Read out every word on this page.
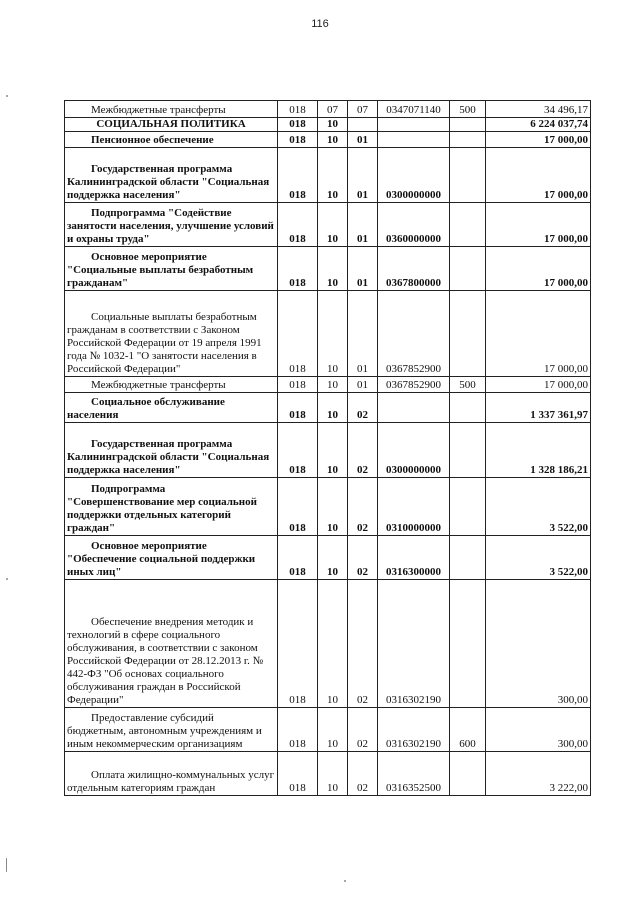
116
Межбюджетные трансферты	018	07	07	0347071140	500	34 496,17
СОЦИАЛЬНАЯ ПОЛИТИКА	018	10				6 224 037,74
Пенсионное обеспечение	018	10	01			17 000,00
Государственная программа Калининградской области "Социальная поддержка населения"	018	10	01	0300000000		17 000,00
Подпрограмма "Содействие занятости населения, улучшение условий и охраны труда"	018	10	01	0360000000		17 000,00
Основное мероприятие "Социальные выплаты безработным гражданам"	018	10	01	0367800000		17 000,00
Социальные выплаты безработным гражданам в соответствии с Законом Российской Федерации от 19 апреля 1991 года № 1032-1 "О занятости населения в Российской Федерации"	018	10	01	0367852900		17 000,00
Межбюджетные трансферты	018	10	01	0367852900	500	17 000,00
Социальное обслуживание населения	018	10	02			1 337 361,97
Государственная программа Калининградской области "Социальная поддержка населения"	018	10	02	0300000000		1 328 186,21
Подпрограмма "Совершенствование мер социальной поддержки отдельных категорий граждан"	018	10	02	0310000000		3 522,00
Основное мероприятие "Обеспечение социальной поддержки иных лиц"	018	10	02	0316300000		3 522,00
Обеспечение внедрения методик и технологий в сфере социального обслуживания, в соответствии с законом Российской Федерации от 28.12.2013 г. № 442-ФЗ "Об основах социального обслуживания граждан в Российской Федерации"	018	10	02	0316302190		300,00
Предоставление субсидий бюджетным, автономным учреждениям и иным некоммерческим организациям	018	10	02	0316302190	600	300,00
Оплата жилищно-коммунальных услуг отдельным категориям граждан	018	10	02	0316352500		3 222,00
